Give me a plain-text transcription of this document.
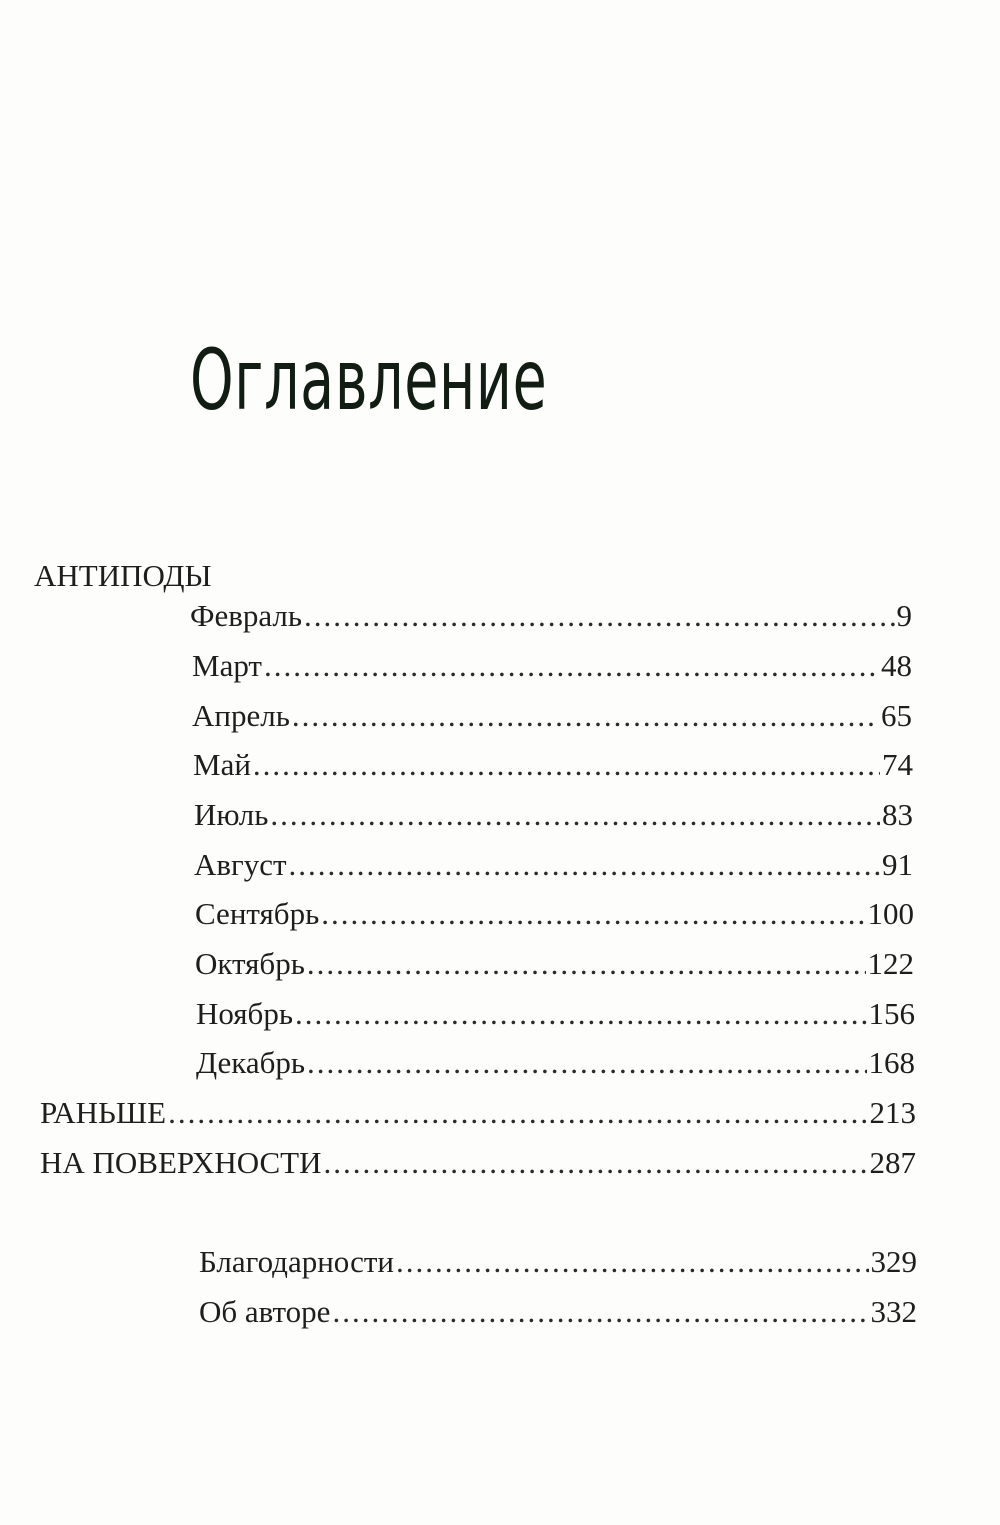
Оглавление
АНТИПОДЫ
Февраль .....	9
Март .....	48
Апрель .....	65
Май .....	74
Июль .....	83
Август .....	91
Сентябрь .....	100
Октябрь .....	122
Ноябрь .....	156
Декабрь .....	168
РАНЬШЕ .....	213
НА ПОВЕРХНОСТИ .....	287
Благодарности .....	329
Об авторе .....	332
